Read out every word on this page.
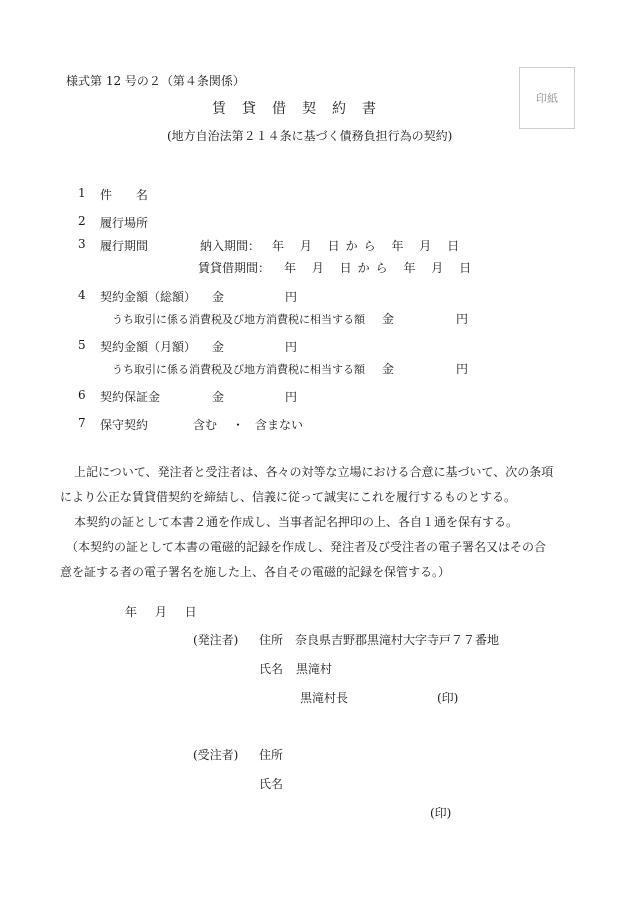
様式第 12 号の２（第４条関係）
賃貸借契約書
(地方自治法第２１４条に基づく債務負担行為の契約)
印紙
1 件 名
2 履行場所
3 履行期間	納入期間： 年 月 日から 年 月 日
賃貸借期間： 年 月 日から 年 月 日
4 契約金額（総額） 金	円
うち取引に係る消費税及び地方消費税に相当する額 金	円
5 契約金額（月額） 金	円
うち取引に係る消費税及び地方消費税に相当する額 金	円
6 契約保証金	金	円
7 保守契約	含む ・ 含まない

上記について、発注者と受注者は、各々の対等な立場における合意に基づいて、次の条項

により公正な賃貸借契約を締結し、信義に従って誠実にこれを履行するものとする。

本契約の証として本書２通を作成し、当事者記名押印の上、各自１通を保有する。

（本契約の証として本書の電磁的記録を作成し、発注者及び受注者の電子署名又はその合

意を証する者の電子署名を施した上、各自その電磁的記録を保管する。）

年 月 日
(発注者) 住所 奈良県吉野郡黒滝村大字寺戸７７番地
氏名 黒滝村
黒滝村長	(印)
(受注者) 住所
氏名
(印)
